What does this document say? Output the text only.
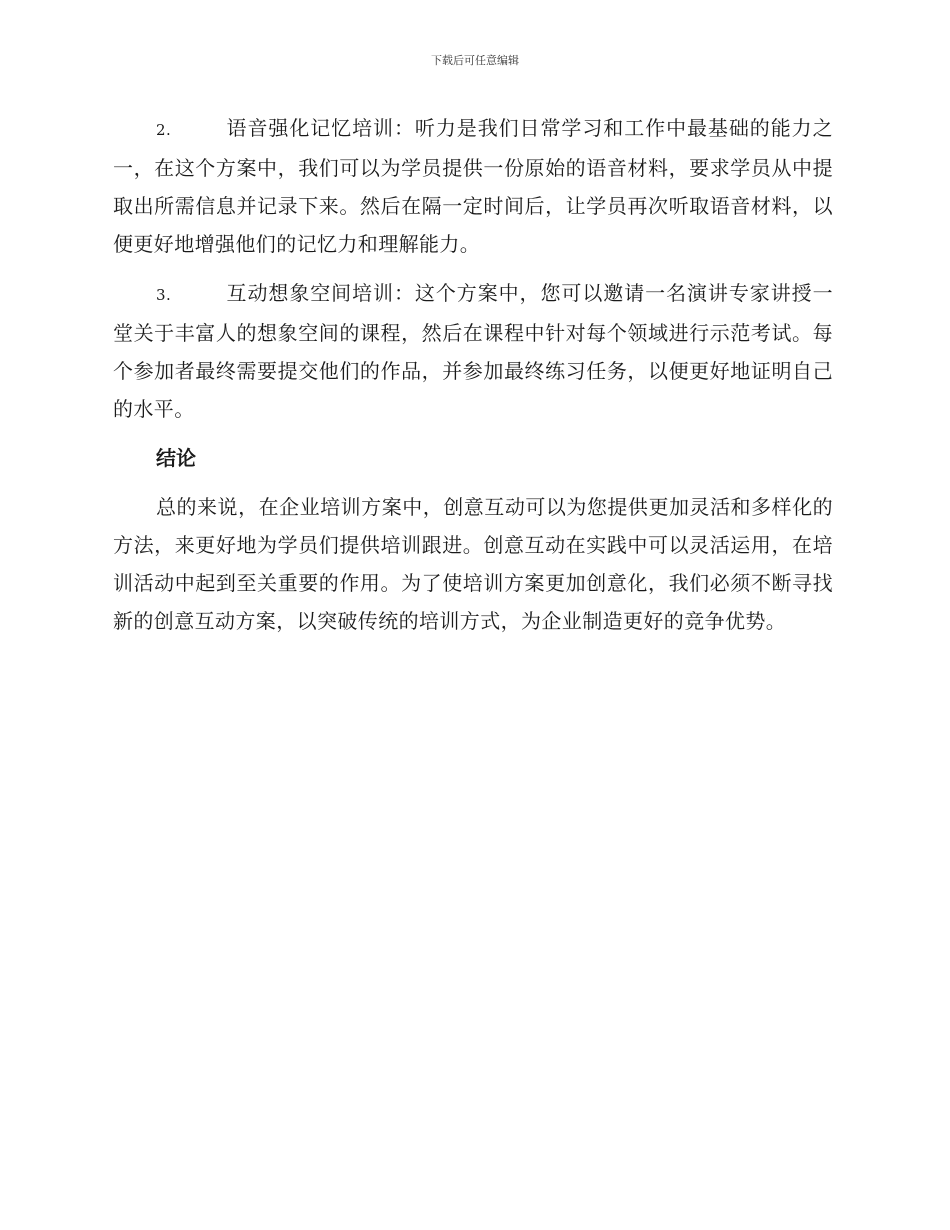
下载后可任意编辑

2.	语音强化记忆培训：听力是我们日常学习和工作中最基础的能力之一，在这个方案中，我们可以为学员提供一份原始的语音材料，要求学员从中提取出所需信息并记录下来。然后在隔一定时间后，让学员再次听取语音材料，以便更好地增强他们的记忆力和理解能力。

3.	互动想象空间培训：这个方案中，您可以邀请一名演讲专家讲授一堂关于丰富人的想象空间的课程，然后在课程中针对每个领域进行示范考试。每个参加者最终需要提交他们的作品，并参加最终练习任务，以便更好地证明自己的水平。

结论

总的来说，在企业培训方案中，创意互动可以为您提供更加灵活和多样化的方法，来更好地为学员们提供培训跟进。创意互动在实践中可以灵活运用，在培训活动中起到至关重要的作用。为了使培训方案更加创意化，我们必须不断寻找新的创意互动方案，以突破传统的培训方式，为企业制造更好的竞争优势。
